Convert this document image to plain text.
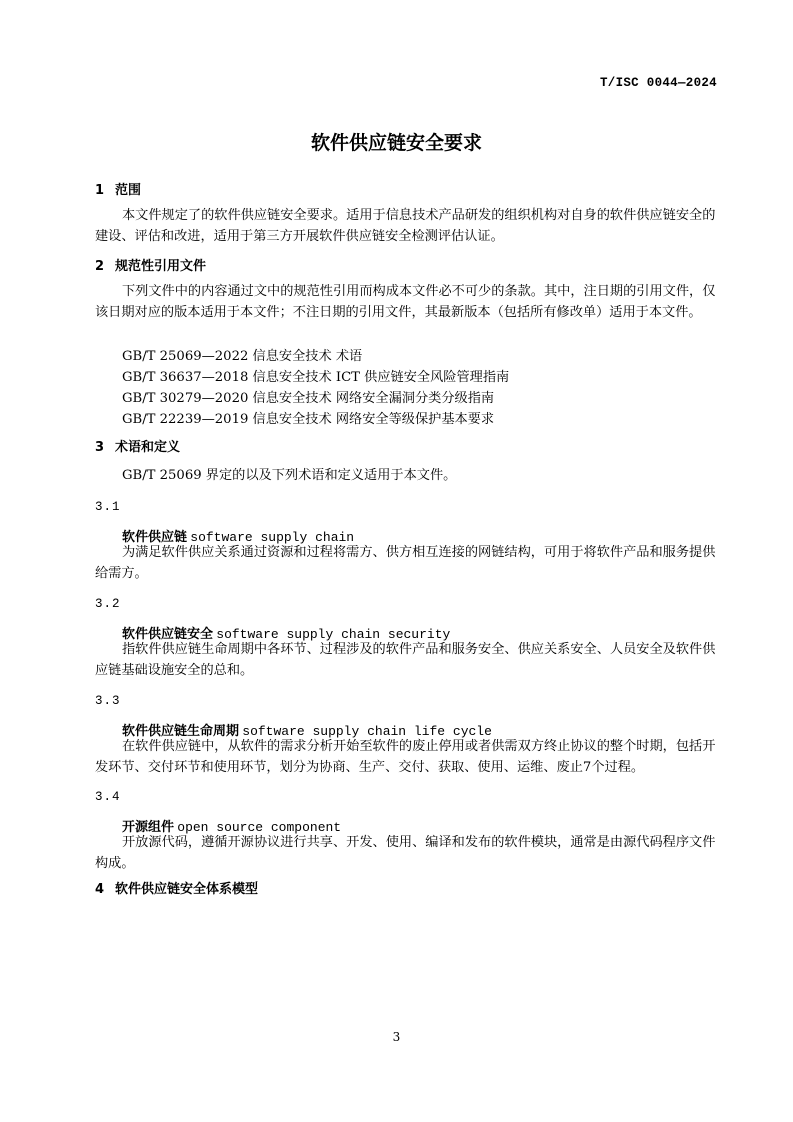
T/ISC 0044—2024
软件供应链安全要求
1 范围
本文件规定了的软件供应链安全要求。适用于信息技术产品研发的组织机构对自身的软件供应链安全的建设、评估和改进，适用于第三方开展软件供应链安全检测评估认证。
2 规范性引用文件
下列文件中的内容通过文中的规范性引用而构成本文件必不可少的条款。其中，注日期的引用文件，仅该日期对应的版本适用于本文件；不注日期的引用文件，其最新版本（包括所有修改单）适用于本文件。
GB/T 25069—2022 信息安全技术 术语
GB/T 36637—2018 信息安全技术 ICT 供应链安全风险管理指南
GB/T 30279—2020 信息安全技术 网络安全漏洞分类分级指南
GB/T 22239—2019 信息安全技术 网络安全等级保护基本要求
3 术语和定义
GB/T 25069 界定的以及下列术语和定义适用于本文件。
3.1
软件供应链 software supply chain
为满足软件供应关系通过资源和过程将需方、供方相互连接的网链结构，可用于将软件产品和服务提供给需方。
3.2
软件供应链安全 software supply chain security
指软件供应链生命周期中各环节、过程涉及的软件产品和服务安全、供应关系安全、人员安全及软件供应链基础设施安全的总和。
3.3
软件供应链生命周期 software supply chain life cycle
在软件供应链中，从软件的需求分析开始至软件的废止停用或者供需双方终止协议的整个时期，包括开发环节、交付环节和使用环节，划分为协商、生产、交付、获取、使用、运维、废止7个过程。
3.4
开源组件 open source component
开放源代码，遵循开源协议进行共享、开发、使用、编译和发布的软件模块，通常是由源代码程序文件构成。
4 软件供应链安全体系模型
3
